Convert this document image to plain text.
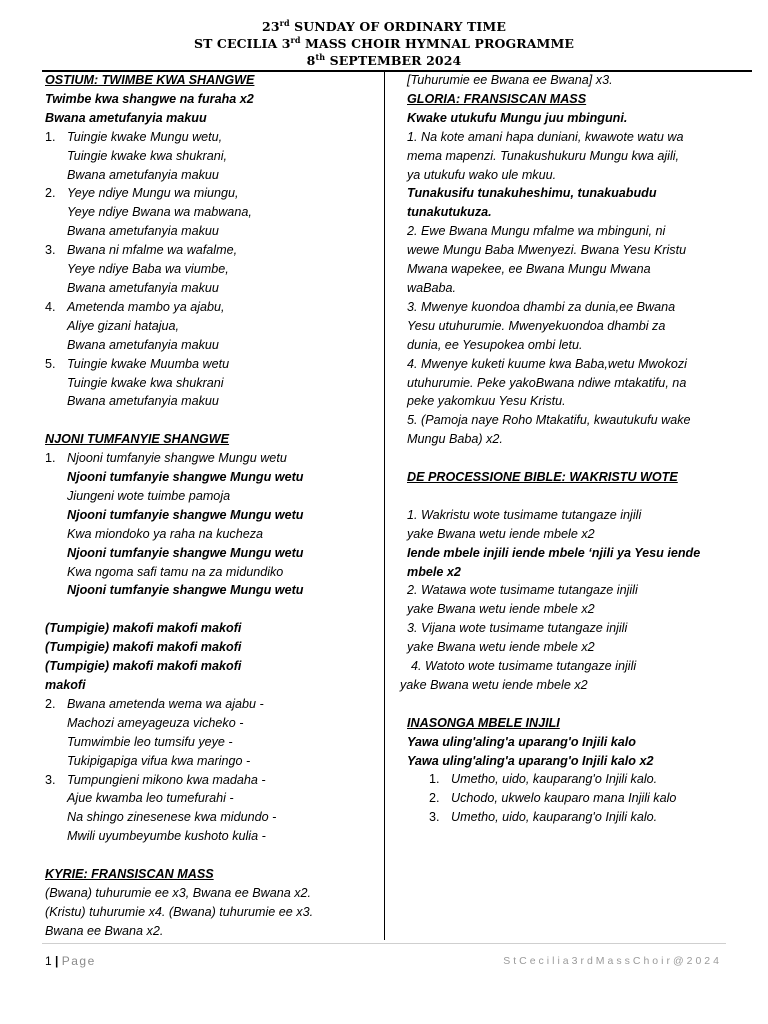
23rd SUNDAY OF ORDINARY TIME
ST CECILIA 3rd MASS CHOIR HYMNAL PROGRAMME
8th SEPTEMBER 2024

OSTIUM: TWIMBE KWA SHANGWE

Twimbe kwa shangwe na furaha x2

Bwana ametufanyia makuu

1. Tuingie kwake Mungu wetu,

Tuingie kwake kwa shukrani,

Bwana ametufanyia makuu

2. Yeye ndiye Mungu wa miungu,

Yeye ndiye Bwana wa mabwana,

Bwana ametufanyia makuu

3. Bwana ni mfalme wa wafalme,

Yeye ndiye Baba wa viumbe,

Bwana ametufanyia makuu

4. Ametenda mambo ya ajabu,

Aliye gizani hatajua,

Bwana ametufanyia makuu

5. Tuingie kwake Muumba wetu

Tuingie kwake kwa shukrani

Bwana ametufanyia makuu

NJONI TUMFANYIE SHANGWE

1. Njooni tumfanyie shangwe Mungu wetu

Njooni tumfanyie shangwe Mungu wetu

Jiungeni wote tuimbe pamoja

Njooni tumfanyie shangwe Mungu wetu

Kwa miondoko ya raha na kucheza

Njooni tumfanyie shangwe Mungu wetu

Kwa ngoma safi tamu na za midundiko

Njooni tumfanyie shangwe Mungu wetu

(Tumpigie) makofi makofi makofi

(Tumpigie) makofi makofi makofi

(Tumpigie) makofi makofi makofi

makofi

2. Bwana ametenda wema wa ajabu -

Machozi ameyageuza vicheko -

Tumwimbie leo tumsifu yeye -

Tukipigapiga vifua kwa maringo -

3. Tumpungieni mikono kwa madaha -

Ajue kwamba leo tumefurahi -

Na shingo zinesenese kwa midundo -

Mwili uyumbeyumbe kushoto kulia -

KYRIE: FRANSISCAN MASS

(Bwana) tuhurumie ee x3, Bwana ee Bwana x2.

(Kristu) tuhurumie x4. (Bwana) tuhurumie ee x3.

Bwana ee Bwana x2.

[Tuhurumie ee Bwana ee Bwana] x3.

GLORIA: FRANSISCAN MASS

Kwake utukufu Mungu juu mbinguni.

1. Na kote amani hapa duniani, kwawote watu wa

mema mapenzi. Tunakushukuru Mungu kwa ajili,

ya utukufu wako ule mkuu.

Tunakusifu tunakuheshimu, tunakuabudu

tunakutukuza.

2. Ewe Bwana Mungu mfalme wa mbinguni, ni

wewe Mungu Baba Mwenyezi. Bwana Yesu Kristu

Mwana wapekee, ee Bwana Mungu Mwana

waBaba.

3. Mwenye kuondoa dhambi za dunia,ee Bwana

Yesu utuhurumie. Mwenyekuondoa dhambi za

dunia, ee Yesupokea ombi letu.

4. Mwenye kuketi kuume kwa Baba,wetu Mwokozi

utuhurumie. Peke yakoBwana ndiwe mtakatifu, na

peke yakomkuu Yesu Kristu.

5. (Pamoja naye Roho Mtakatifu, kwautukufu wake

Mungu Baba) x2.

DE PROCESSIONE BIBLE: WAKRISTU WOTE

1. Wakristu wote tusimame tutangaze injili

yake Bwana wetu iende mbele x2

Iende mbele injili iende mbele ‘njili ya Yesu iende

mbele x2

2. Watawa wote tusimame tutangaze injili

yake Bwana wetu iende mbele x2

3. Vijana wote tusimame tutangaze injili

yake Bwana wetu iende mbele x2

4. Watoto wote tusimame tutangaze injili

yake Bwana wetu iende mbele x2

INASONGA MBELE INJILI

Yawa uling'aling'a uparang'o Injili kalo

Yawa uling'aling'a uparang'o Injili kalo x2

1. Umetho, uido, kauparang'o Injili kalo.

2. Uchodo, ukwelo kauparo mana Injili kalo

3. Umetho, uido, kauparang'o Injili kalo.

1 | Page	StCecilia3rdMassChoir@2024
